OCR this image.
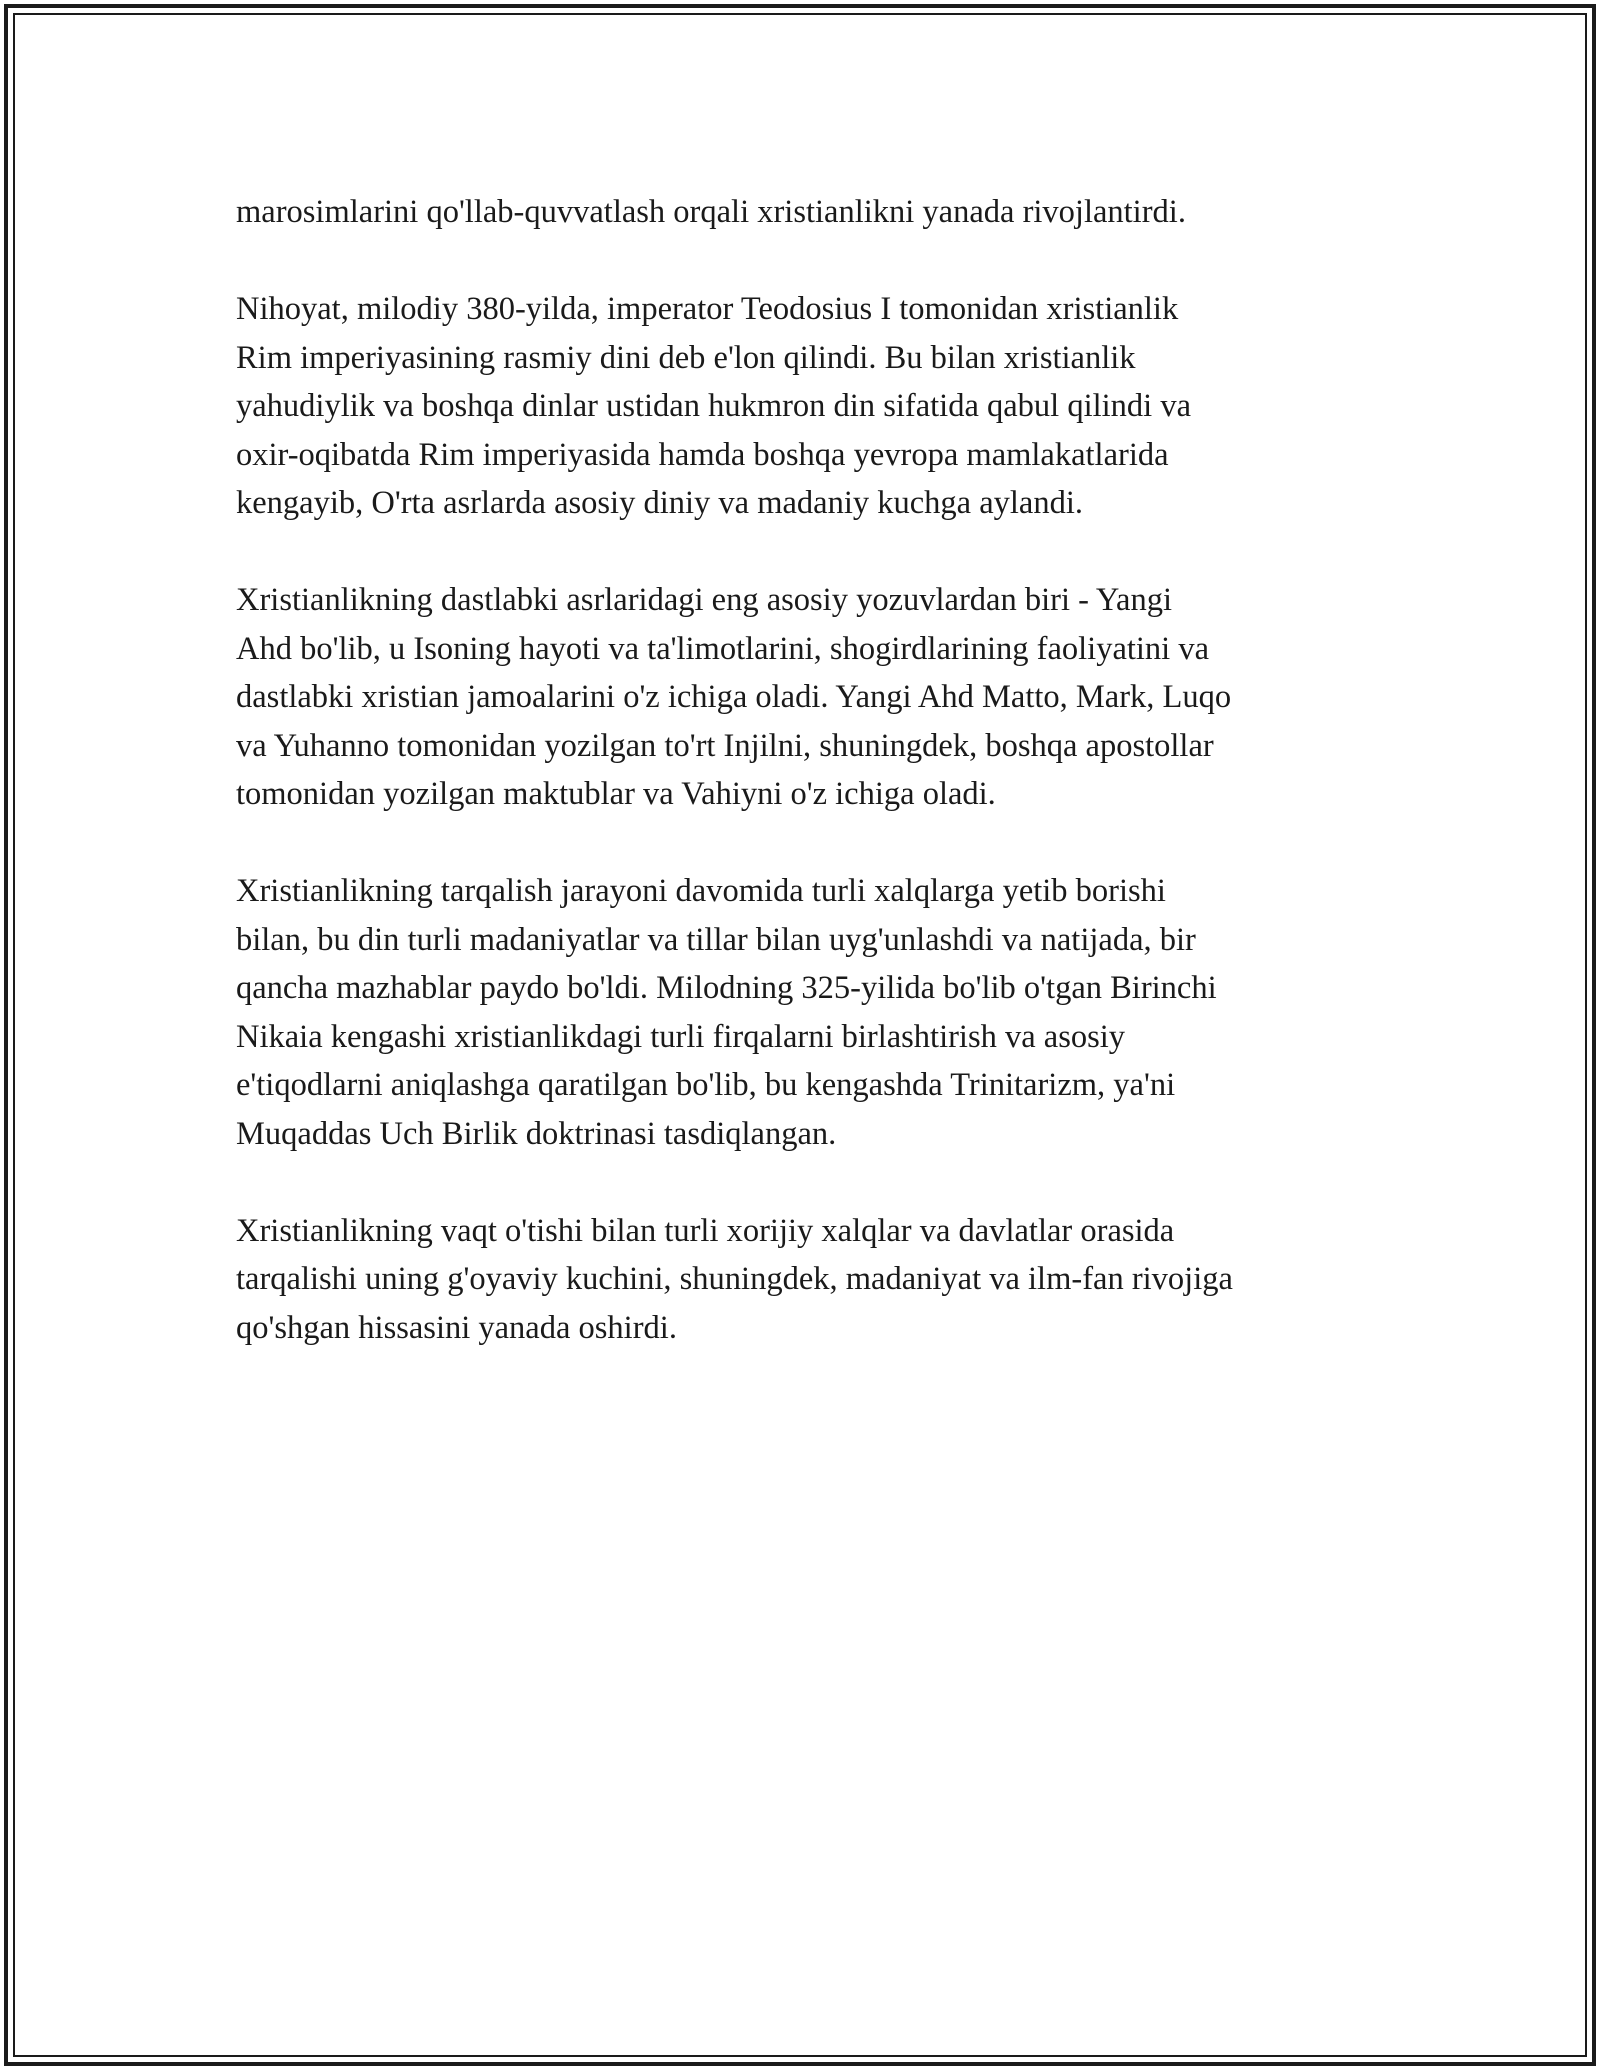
marosimlarini qo'llab-quvvatlash orqali xristianlikni yanada rivojlantirdi.

Nihoyat, milodiy 380-yilda, imperator Teodosius I tomonidan xristianlik
Rim imperiyasining rasmiy dini deb e'lon qilindi. Bu bilan xristianlik
yahudiylik va boshqa dinlar ustidan hukmron din sifatida qabul qilindi va
oxir-oqibatda Rim imperiyasida hamda boshqa yevropa mamlakatlarida
kengayib, O'rta asrlarda asosiy diniy va madaniy kuchga aylandi.

Xristianlikning dastlabki asrlaridagi eng asosiy yozuvlardan biri - Yangi
Ahd bo'lib, u Isoning hayoti va ta'limotlarini, shogirdlarining faoliyatini va
dastlabki xristian jamoalarini o'z ichiga oladi. Yangi Ahd Matto, Mark, Luqo
va Yuhanno tomonidan yozilgan to'rt Injilni, shuningdek, boshqa apostollar
tomonidan yozilgan maktublar va Vahiyni o'z ichiga oladi.

Xristianlikning tarqalish jarayoni davomida turli xalqlarga yetib borishi
bilan, bu din turli madaniyatlar va tillar bilan uyg'unlashdi va natijada, bir
qancha mazhablar paydo bo'ldi. Milodning 325-yilida bo'lib o'tgan Birinchi
Nikaia kengashi xristianlikdagi turli firqalarni birlashtirish va asosiy
e'tiqodlarni aniqlashga qaratilgan bo'lib, bu kengashda Trinitarizm, ya'ni
Muqaddas Uch Birlik doktrinasi tasdiqlangan.

Xristianlikning vaqt o'tishi bilan turli xorijiy xalqlar va davlatlar orasida
tarqalishi uning g'oyaviy kuchini, shuningdek, madaniyat va ilm-fan rivojiga
qo'shgan hissasini yanada oshirdi.
